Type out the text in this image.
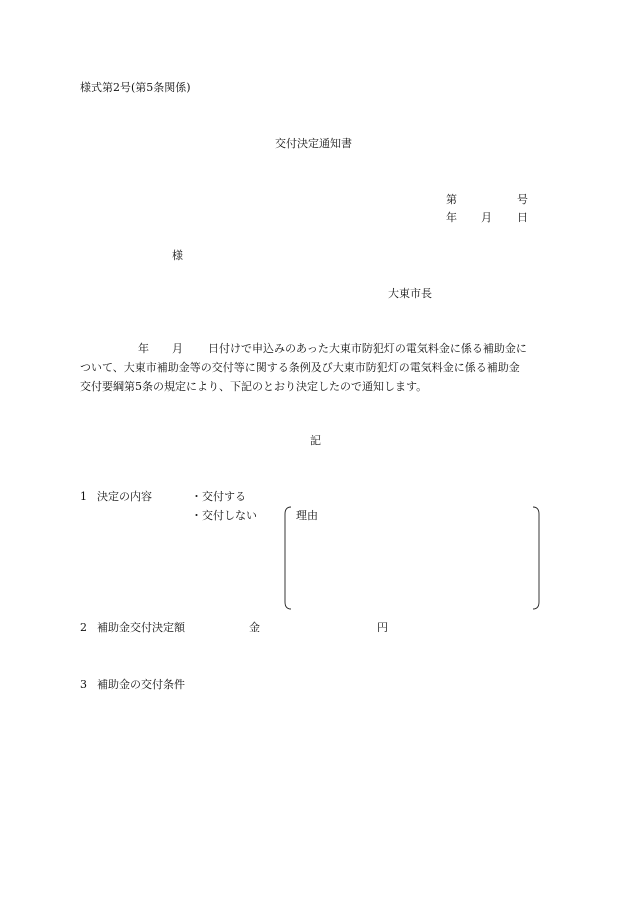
様式第2号(第5条関係)
交付決定通知書
第	号
年 月 日
様
大東市長
年 月 日付けで申込みのあった大東市防犯灯の電気料金に係る補助金に
ついて、大東市補助金等の交付等に関する条例及び大東市防犯灯の電気料金に係る補助金
交付要綱第5条の規定により、下記のとおり決定したので通知します。
記
1 決定の内容	・交付する
・交付しない	理由
2 補助金交付決定額	金	円
3 補助金の交付条件
